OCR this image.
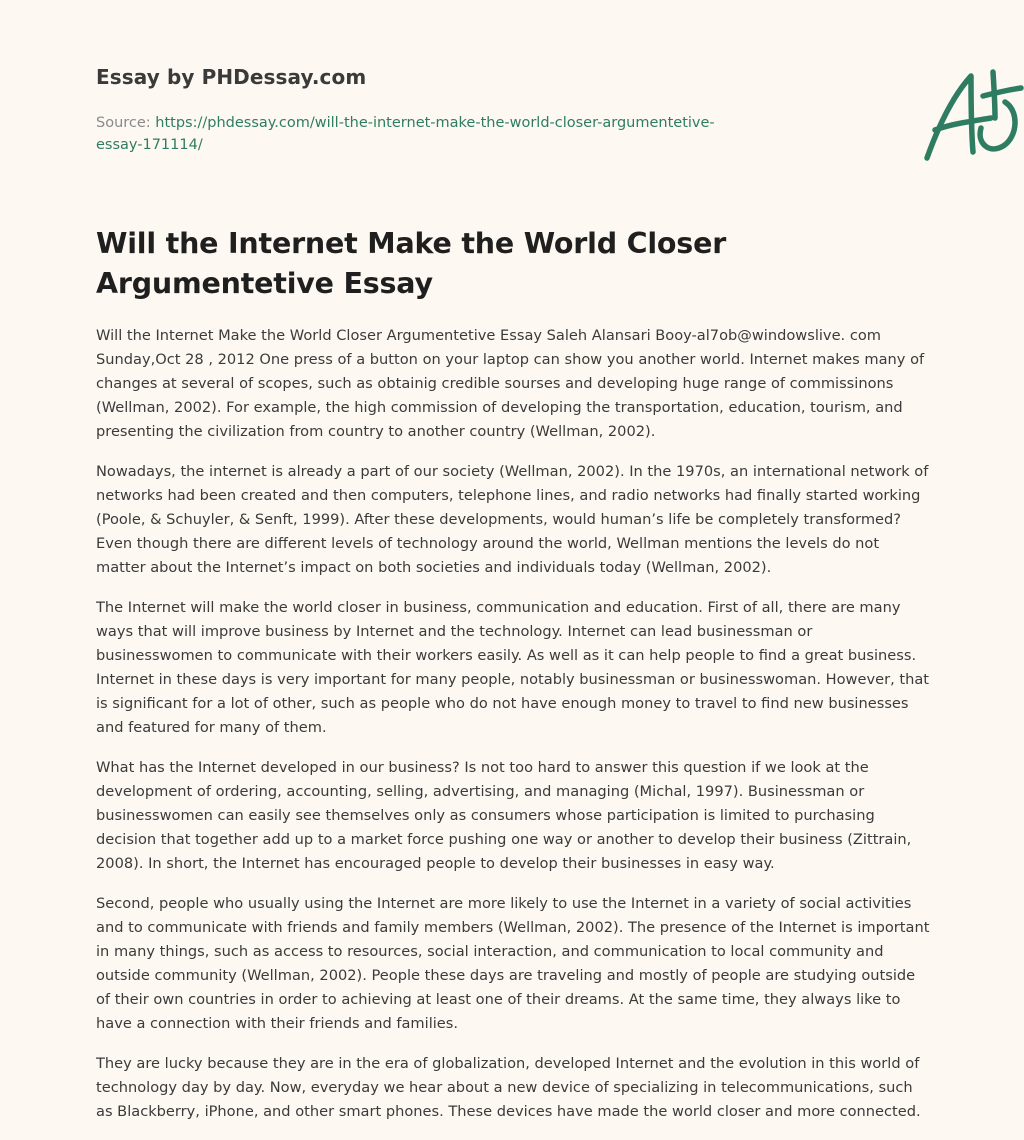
Essay by PHDessay.com
Source: https://phdessay.com/will-the-internet-make-the-world-closer-argumentetive-essay-171114/
Will the Internet Make the World Closer Argumentetive Essay

Will the Internet Make the World Closer Argumentetive Essay Saleh Alansari Booy-al7ob@windowslive. com Sunday,Oct 28 , 2012 One press of a button on your laptop can show you another world. Internet makes many of changes at several of scopes, such as obtainig credible sourses and developing huge range of commissinons (Wellman, 2002). For example, the high commission of developing the transportation, education, tourism, and presenting the civilization from country to another country (Wellman, 2002).

Nowadays, the internet is already a part of our society (Wellman, 2002). In the 1970s, an international network of networks had been created and then computers, telephone lines, and radio networks had finally started working (Poole, & Schuyler, & Senft, 1999). After these developments, would human’s life be completely transformed? Even though there are different levels of technology around the world, Wellman mentions the levels do not matter about the Internet’s impact on both societies and individuals today (Wellman, 2002).

The Internet will make the world closer in business, communication and education. First of all, there are many ways that will improve business by Internet and the technology. Internet can lead businessman or businesswomen to communicate with their workers easily. As well as it can help people to find a great business. Internet in these days is very important for many people, notably businessman or businesswoman. However, that is significant for a lot of other, such as people who do not have enough money to travel to find new businesses and featured for many of them.

What has the Internet developed in our business? Is not too hard to answer this question if we look at the development of ordering, accounting, selling, advertising, and managing (Michal, 1997). Businessman or businesswomen can easily see themselves only as consumers whose participation is limited to purchasing decision that together add up to a market force pushing one way or another to develop their business (Zittrain, 2008). In short, the Internet has encouraged people to develop their businesses in easy way.

Second, people who usually using the Internet are more likely to use the Internet in a variety of social activities and to communicate with friends and family members (Wellman, 2002). The presence of the Internet is important in many things, such as access to resources, social interaction, and communication to local community and outside community (Wellman, 2002). People these days are traveling and mostly of people are studying outside of their own countries in order to achieving at least one of their dreams. At the same time, they always like to have a connection with their friends and families.

They are lucky because they are in the era of globalization, developed Internet and the evolution in this world of technology day by day. Now, everyday we hear about a new device of specializing in telecommunications, such as Blackberry, iPhone, and other smart phones. These devices have made the world closer and more connected.
